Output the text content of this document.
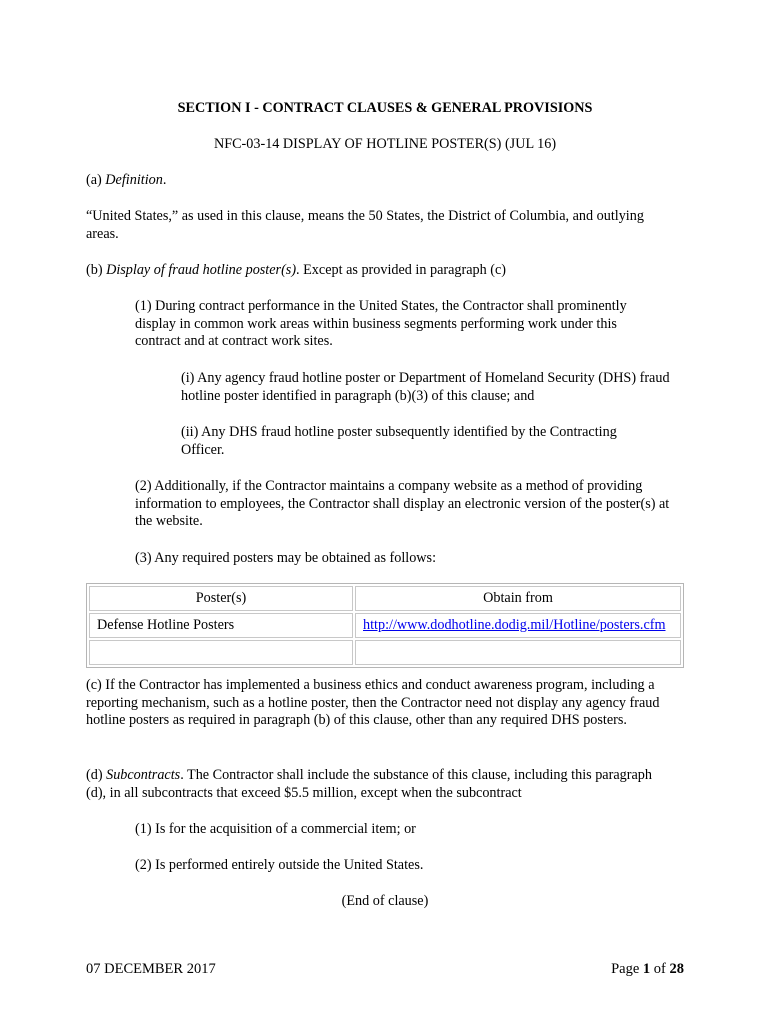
SECTION I - CONTRACT CLAUSES & GENERAL PROVISIONS
NFC-03-14 DISPLAY OF HOTLINE POSTER(S) (JUL 16)
(a) Definition.
“United States,” as used in this clause, means the 50 States, the District of Columbia, and outlying areas.
(b) Display of fraud hotline poster(s). Except as provided in paragraph (c)
(1) During contract performance in the United States, the Contractor shall prominently display in common work areas within business segments performing work under this contract and at contract work sites.
(i) Any agency fraud hotline poster or Department of Homeland Security (DHS) fraud hotline poster identified in paragraph (b)(3) of this clause; and
(ii) Any DHS fraud hotline poster subsequently identified by the Contracting Officer.
(2) Additionally, if the Contractor maintains a company website as a method of providing information to employees, the Contractor shall display an electronic version of the poster(s) at the website.
(3) Any required posters may be obtained as follows:
Poster(s)	Obtain from
Defense Hotline Posters	http://www.dodhotline.dodig.mil/Hotline/posters.cfm

(c) If the Contractor has implemented a business ethics and conduct awareness program, including a reporting mechanism, such as a hotline poster, then the Contractor need not display any agency fraud hotline posters as required in paragraph (b) of this clause, other than any required DHS posters.
(d) Subcontracts. The Contractor shall include the substance of this clause, including this paragraph (d), in all subcontracts that exceed $5.5 million, except when the subcontract
(1) Is for the acquisition of a commercial item; or
(2) Is performed entirely outside the United States.
(End of clause)
07 DECEMBER 2017	Page 1 of 28
